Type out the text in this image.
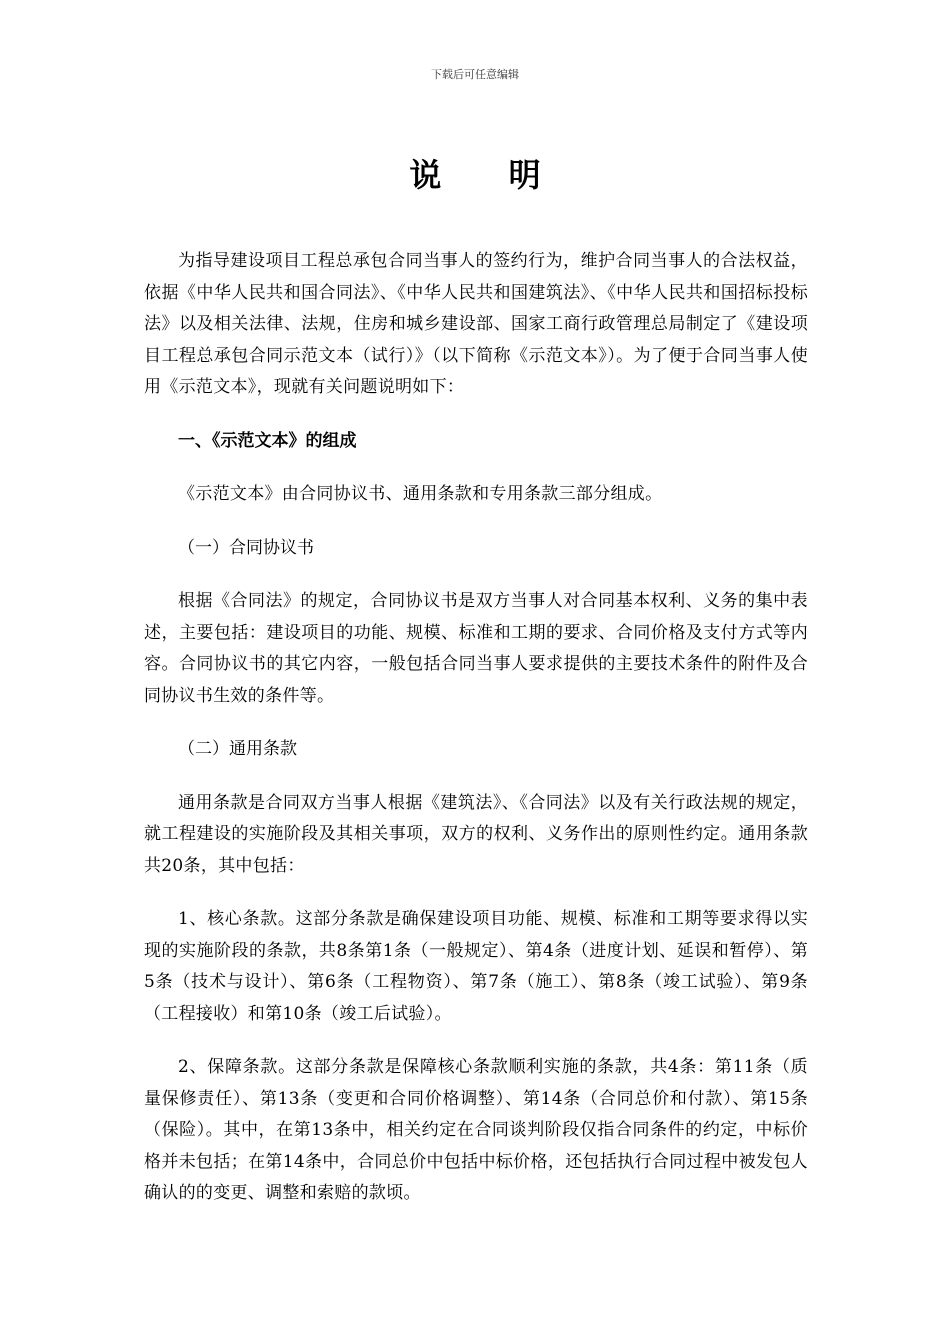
下载后可任意编辑
说 明

为指导建设项目工程总承包合同当事人的签约行为，维护合同当事人的合法权益，依据《中华人民共和国合同法》、《中华人民共和国建筑法》、《中华人民共和国招标投标法》以及相关法律、法规，住房和城乡建设部、国家工商行政管理总局制定了《建设项目工程总承包合同示范文本（试行）》（以下简称《示范文本》）。为了便于合同当事人使用《示范文本》，现就有关问题说明如下：

一、《示范文本》的组成

《示范文本》由合同协议书、通用条款和专用条款三部分组成。

（一）合同协议书

根据《合同法》的规定，合同协议书是双方当事人对合同基本权利、义务的集中表述，主要包括：建设项目的功能、规模、标准和工期的要求、合同价格及支付方式等内容。合同协议书的其它内容，一般包括合同当事人要求提供的主要技术条件的附件及合同协议书生效的条件等。

（二）通用条款

通用条款是合同双方当事人根据《建筑法》、《合同法》以及有关行政法规的规定，就工程建设的实施阶段及其相关事项，双方的权利、义务作出的原则性约定。通用条款共20条，其中包括：

1、核心条款。这部分条款是确保建设项目功能、规模、标准和工期等要求得以实现的实施阶段的条款，共8条第1条（一般规定）、第4条（进度计划、延误和暂停）、第5条（技术与设计）、第6条（工程物资）、第7条（施工）、第8条（竣工试验）、第9条（工程接收）和第10条（竣工后试验）。

2、保障条款。这部分条款是保障核心条款顺利实施的条款，共4条：第11条（质量保修责任）、第13条（变更和合同价格调整）、第14条（合同总价和付款）、第15条（保险）。其中，在第13条中，相关约定在合同谈判阶段仅指合同条件的约定，中标价格并未包括；在第14条中，合同总价中包括中标价格，还包括执行合同过程中被发包人确认的的变更、调整和索赔的款顷。
